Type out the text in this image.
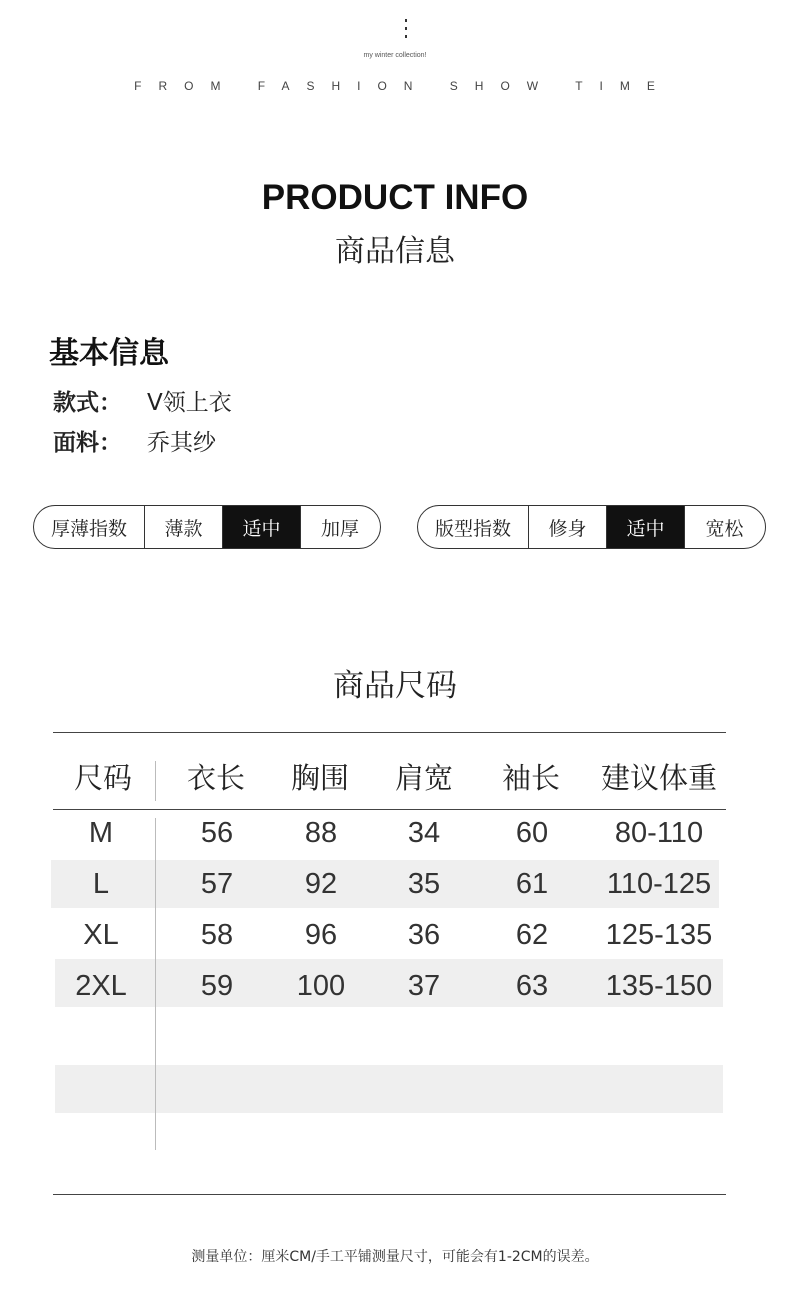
my winter collection!
FROM FASHION SHOW TIME
PRODUCT INFO
商品信息
基本信息
款式： V领上衣
面料： 乔其纱
厚薄指数	薄款	适中	加厚	版型指数	修身	适中	宽松
商品尺码
尺码	衣长	胸围	肩宽	袖长	建议体重
M	56	88	34	60	80-110
L	57	92	35	61	110-125
XL	58	96	36	62	125-135
2XL	59	100	37	63	135-150
测量单位：厘米CM/手工平铺测量尺寸，可能会有1-2CM的误差。
